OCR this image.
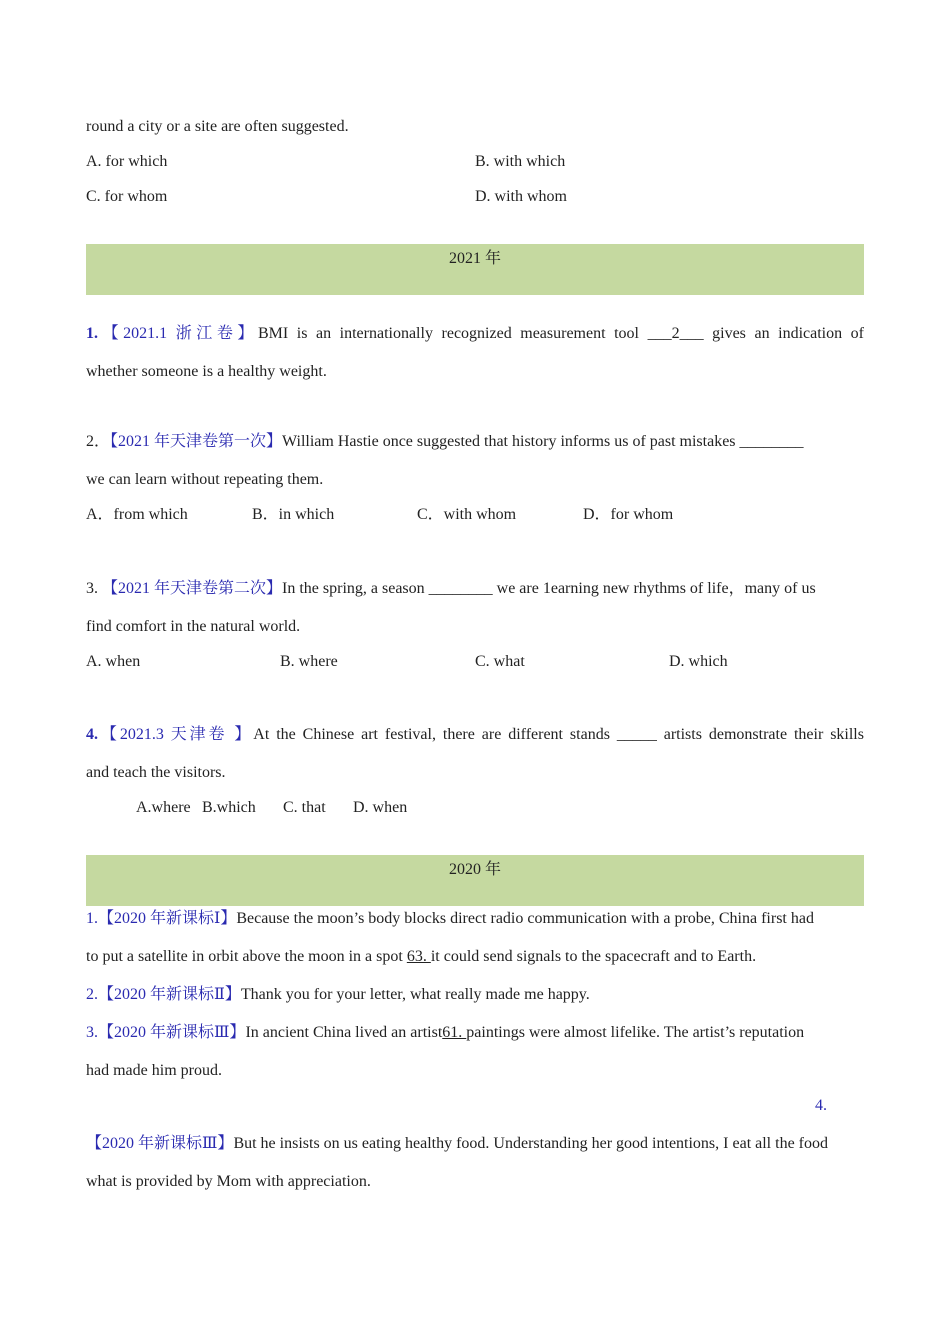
round a city or a site are often suggested.
A. for which	B. with which
C. for whom	D. with whom
2021 年
1.【2021.1 浙江卷】BMI is an internationally recognized measurement tool ___2___ gives an indication of
whether someone is a healthy weight.
2．【2021 年天津卷第一次】William Hastie once suggested that history informs us of past mistakes ________
we can learn without repeating them.
A．from which	B．in which	C．with whom	D．for whom
3. 【2021 年天津卷第二次】In the spring, a season ________ we are 1earning new rhythms of life，many of us
find comfort in the natural world.
A. when	B. where	C. what	D. which
4.【2021.3 天津卷 】At the Chinese art festival, there are different stands _____ artists demonstrate their skills
and teach the visitors.
A.where B.which C. that D. when
2020 年
1.【2020 年新课标Ⅰ】Because the moon’s body blocks direct radio communication with a probe, China first had
to put a satellite in orbit above the moon in a spot 63. it could send signals to the spacecraft and to Earth.
2.【2020 年新课标Ⅱ】Thank you for your letter, what really made me happy.
3.【2020 年新课标Ⅲ】In ancient China lived an artist61. paintings were almost lifelike. The artist’s reputation
had made him proud.
4.
【2020 年新课标Ⅲ】But he insists on us eating healthy food. Understanding her good intentions, I eat all the food
what is provided by Mom with appreciation.
